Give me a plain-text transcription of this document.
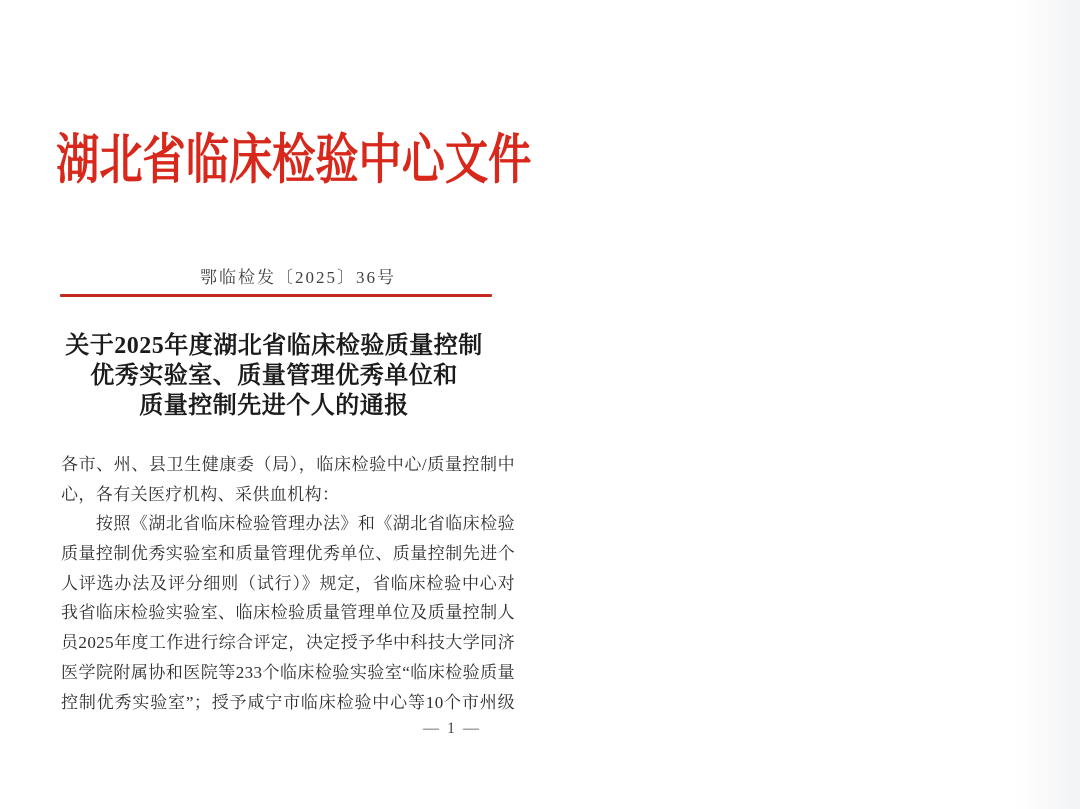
湖北省临床检验中心文件
鄂临检发〔2025〕36号
关于2025年度湖北省临床检验质量控制
优秀实验室、质量管理优秀单位和
质量控制先进个人的通报
各市、州、县卫生健康委（局），临床检验中心/质量控制中
心，各有关医疗机构、采供血机构：
　　按照《湖北省临床检验管理办法》和《湖北省临床检验
质量控制优秀实验室和质量管理优秀单位、质量控制先进个
人评选办法及评分细则（试行）》规定，省临床检验中心对
我省临床检验实验室、临床检验质量管理单位及质量控制人
员2025年度工作进行综合评定，决定授予华中科技大学同济
医学院附属协和医院等233个临床检验实验室“临床检验质量
控制优秀实验室”；授予咸宁市临床检验中心等10个市州级
— 1 —
